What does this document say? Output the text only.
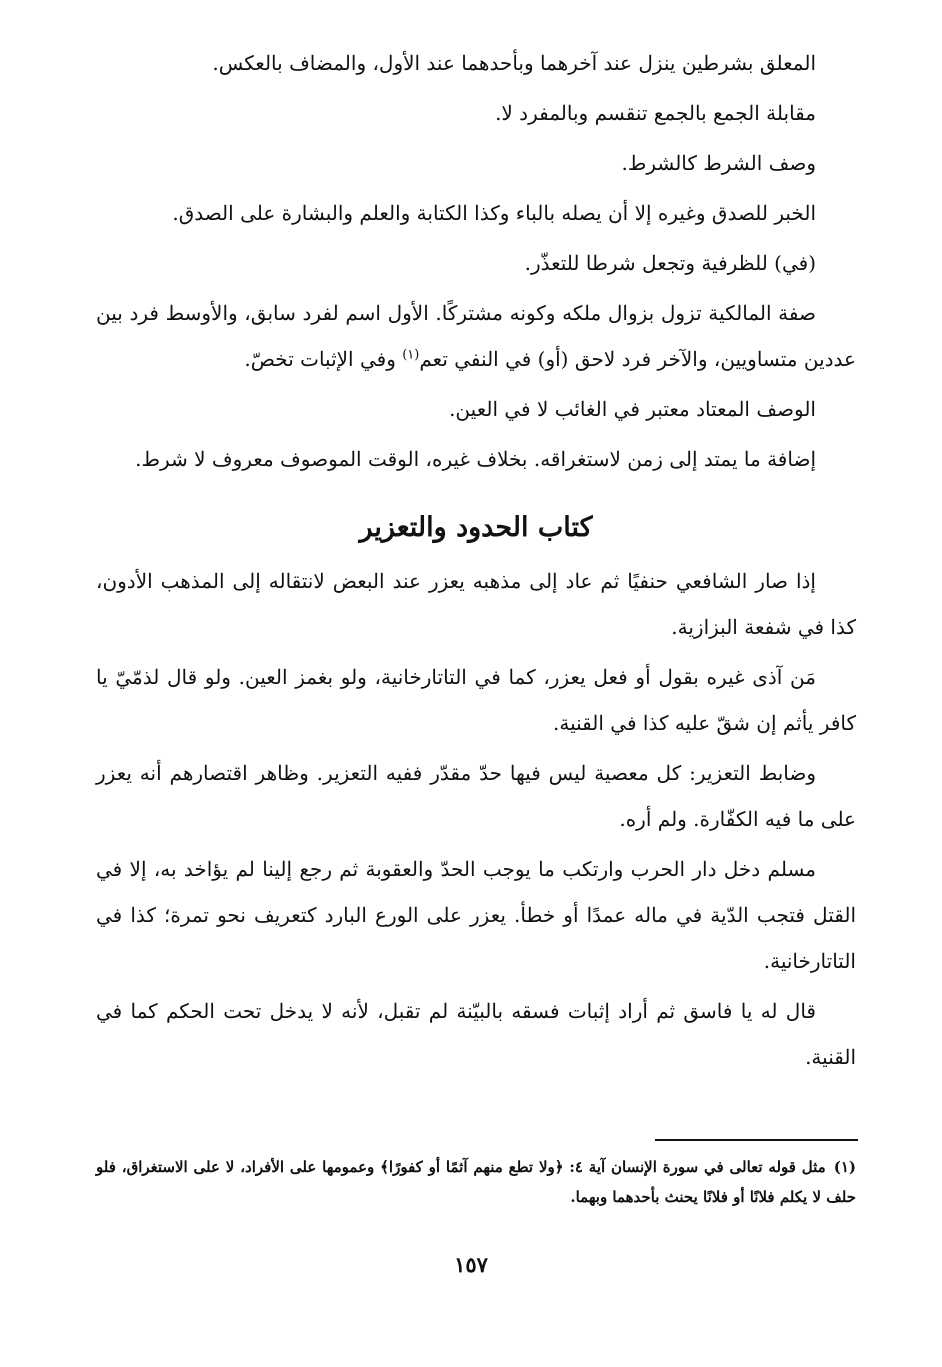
المعلق بشرطين ينزل عند آخرهما وبأحدهما عند الأول، والمضاف بالعكس.

مقابلة الجمع بالجمع تنقسم وبالمفرد لا.

وصف الشرط كالشرط.

الخبر للصدق وغيره إلا أن يصله بالباء وكذا الكتابة والعلم والبشارة على الصدق.

(في) للظرفية وتجعل شرطا للتعذّر.

صفة المالكية تزول بزوال ملكه وكونه مشتركًا. الأول اسم لفرد سابق، والأوسط فرد بين عددين متساويين، والآخر فرد لاحق (أو) في النفي تعم$^{(١)}$ وفي الإثبات تخصّ.

الوصف المعتاد معتبر في الغائب لا في العين.

إضافة ما يمتد إلى زمن لاستغراقه. بخلاف غيره، الوقت الموصوف معروف لا شرط.

كتاب الحدود والتعزير

إذا صار الشافعي حنفيًا ثم عاد إلى مذهبه يعزر عند البعض لانتقاله إلى المذهب الأدون، كذا في شفعة البزازية.

مَن آذى غيره بقول أو فعل يعزر، كما في التاتارخانية، ولو بغمز العين. ولو قال لذمّيّ يا كافر يأثم إن شقّ عليه كذا في القنية.

وضابط التعزير: كل معصية ليس فيها حدّ مقدّر ففيه التعزير. وظاهر اقتصارهم أنه يعزر على ما فيه الكفّارة. ولم أره.

مسلم دخل دار الحرب وارتكب ما يوجب الحدّ والعقوبة ثم رجع إلينا لم يؤاخد به، إلا في القتل فتجب الدّية في ماله عمدًا أو خطأ. يعزر على الورع البارد كتعريف نحو تمرة؛ كذا في التاتارخانية.

قال له يا فاسق ثم أراد إثبات فسقه بالبيّنة لم تقبل، لأنه لا يدخل تحت الحكم كما في القنية.

(١)مثل قوله تعالى في سورة الإنسان آية ٤: ﴿ولا تطع منهم آثمًا أو كفورًا﴾ وعمومها على الأفراد، لا على الاستغراق، فلو حلف لا يكلم فلانًا أو فلانًا يحنث بأحدهما وبهما.
١٥٧
